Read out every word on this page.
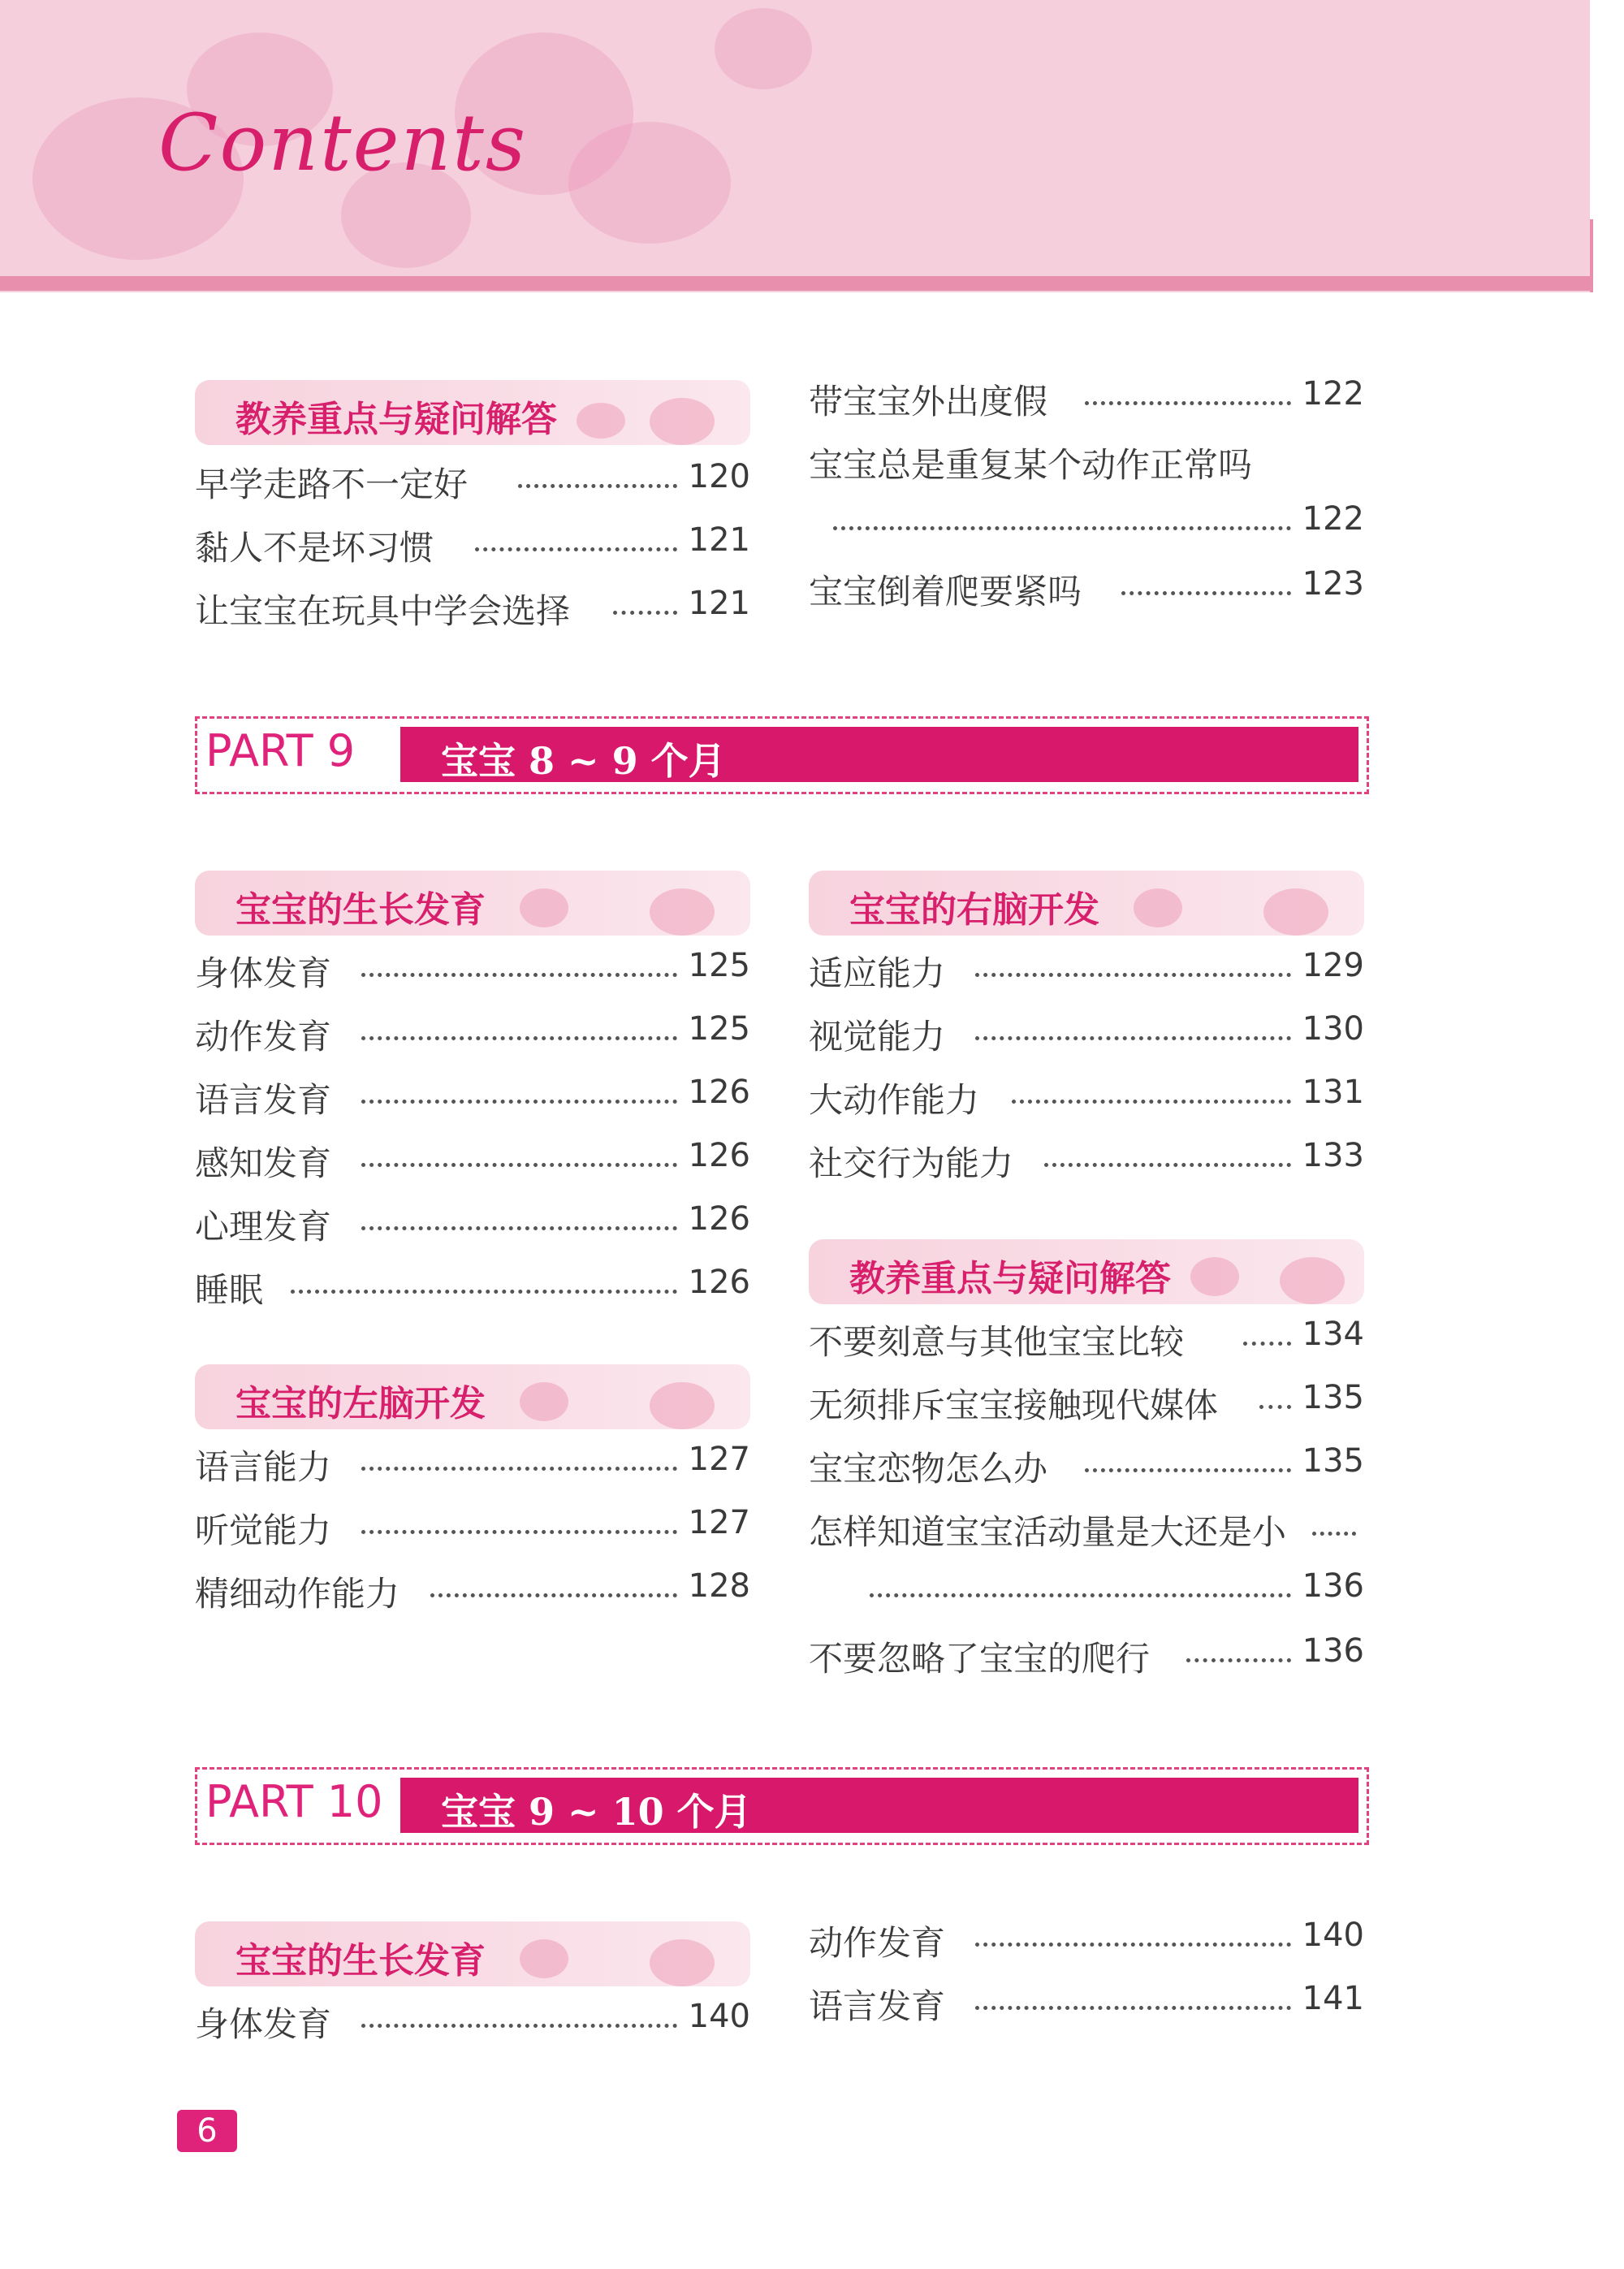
Contents
教养重点与疑问解答
早学走路不一定好	120
黏人不是坏习惯	121
让宝宝在玩具中学会选择	121
带宝宝外出度假	122
宝宝总是重复某个动作正常吗
122
宝宝倒着爬要紧吗	123
PART 9 宝宝 8 ~ 9 个月
宝宝的生长发育
身体发育	125
动作发育	125
语言发育	126
感知发育	126
心理发育	126
睡眠	126
宝宝的左脑开发
语言能力	127
听觉能力	127
精细动作能力	128
宝宝的右脑开发
适应能力	129
视觉能力	130
大动作能力	131
社交行为能力	133
教养重点与疑问解答
不要刻意与其他宝宝比较	134
无须排斥宝宝接触现代媒体	135
宝宝恋物怎么办	135
怎样知道宝宝活动量是大还是小
136
不要忽略了宝宝的爬行	136
PART 10 宝宝 9 ~ 10 个月
宝宝的生长发育
身体发育	140
动作发育	140
语言发育	141
6
